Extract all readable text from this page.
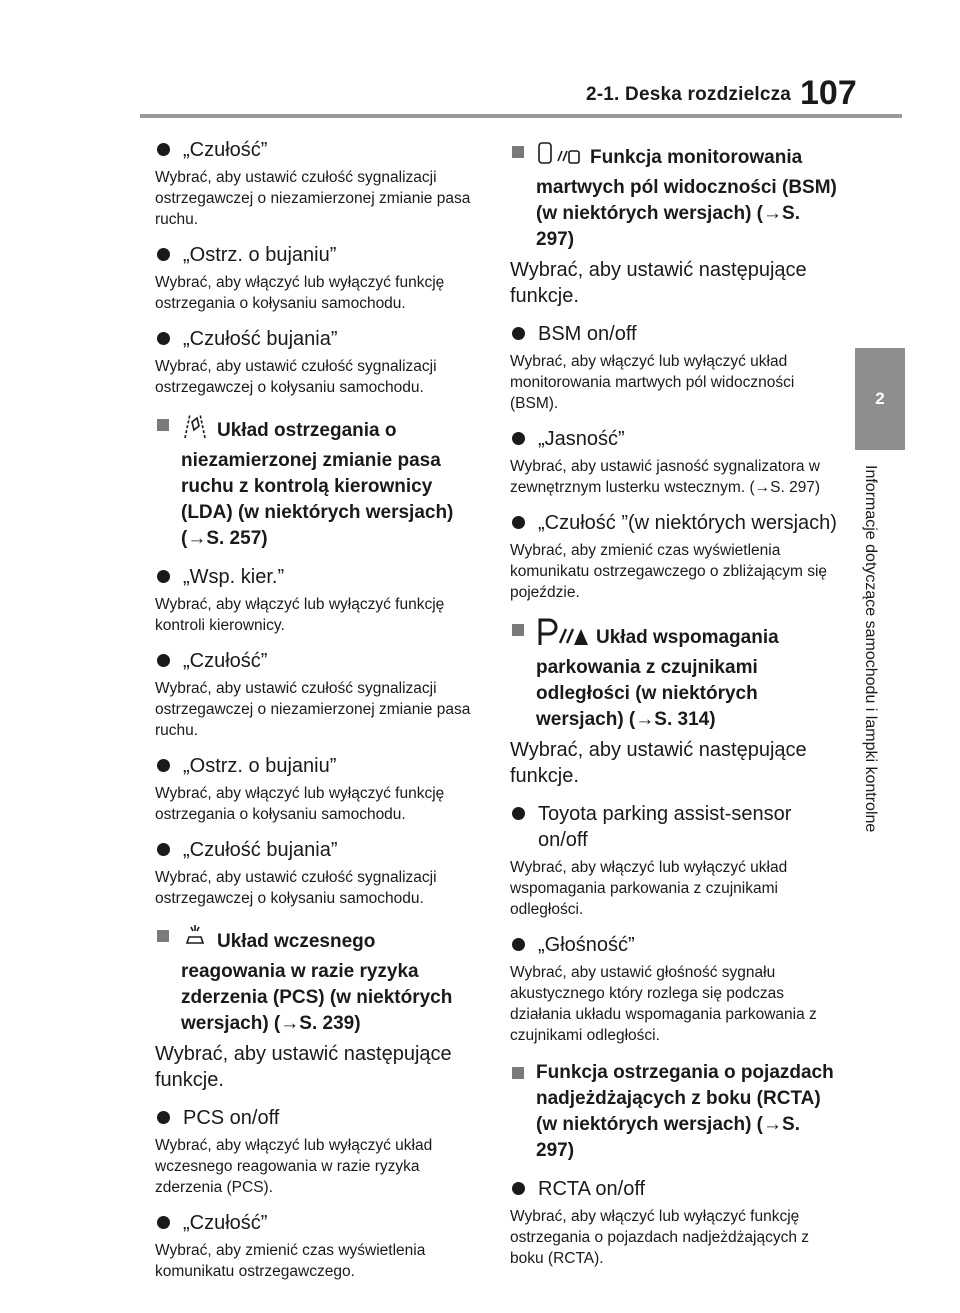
2-1. Deska rozdzielcza 107
2
Informacje dotyczące samochodu i lampki kontrolne
„Czułość”

Wybrać, aby ustawić czułość sygnalizacji ostrzegawczej o niezamierzonej zmianie pasa ruchu.

„Ostrz. o bujaniu”

Wybrać, aby włączyć lub wyłączyć funkcję ostrzegania o kołysaniu samochodu.

„Czułość bujania”

Wybrać, aby ustawić czułość sygnalizacji ostrzegawczej o kołysaniu samochodu.

Układ ostrzegania o niezamierzonej zmianie pasa ruchu z kontrolą kierownicy (LDA) (w niektórych wersjach) (→S. 257)
„Wsp. kier.”

Wybrać, aby włączyć lub wyłączyć funkcję kontroli kierownicy.

„Czułość”

Wybrać, aby ustawić czułość sygnalizacji ostrzegawczej o niezamierzonej zmianie pasa ruchu.

„Ostrz. o bujaniu”

Wybrać, aby włączyć lub wyłączyć funkcję ostrzegania o kołysaniu samochodu.

„Czułość bujania”

Wybrać, aby ustawić czułość sygnalizacji ostrzegawczej o kołysaniu samochodu.

Układ wczesnego reagowania w razie ryzyka zderzenia (PCS) (w niektórych wersjach) (→S. 239)

Wybrać, aby ustawić następujące funkcje.

PCS on/off

Wybrać, aby włączyć lub wyłączyć układ wczesnego reagowania w razie ryzyka zderzenia (PCS).

„Czułość”

Wybrać, aby zmienić czas wyświetlenia komunikatu ostrzegawczego.

Funkcja monitorowania martwych pól widoczności (BSM) (w niektórych wersjach) (→S. 297)

Wybrać, aby ustawić następujące funkcje.

BSM on/off

Wybrać, aby włączyć lub wyłączyć układ monitorowania martwych pól widoczności (BSM).

„Jasność”

Wybrać, aby ustawić jasność sygnalizatora w zewnętrznym lusterku wstecznym. (→S. 297)

„Czułość ”(w niektórych wersjach)

Wybrać, aby zmienić czas wyświetlenia komunikatu ostrzegawczego o zbliżającym się pojeździe.

Układ wspomagania parkowania z czujnikami odległości (w niektórych wersjach) (→S. 314)

Wybrać, aby ustawić następujące funkcje.

Toyota parking assist-sensor on/off

Wybrać, aby włączyć lub wyłączyć układ wspomagania parkowania z czujnikami odległości.

„Głośność”

Wybrać, aby ustawić głośność sygnału akustycznego który rozlega się podczas działania układu wspomagania parkowania z czujnikami odległości.

Funkcja ostrzegania o pojazdach nadjeżdżających z boku (RCTA) (w niektórych wersjach) (→S. 297)
RCTA on/off

Wybrać, aby włączyć lub wyłączyć funkcję ostrzegania o pojazdach nadjeżdżających z boku (RCTA).
